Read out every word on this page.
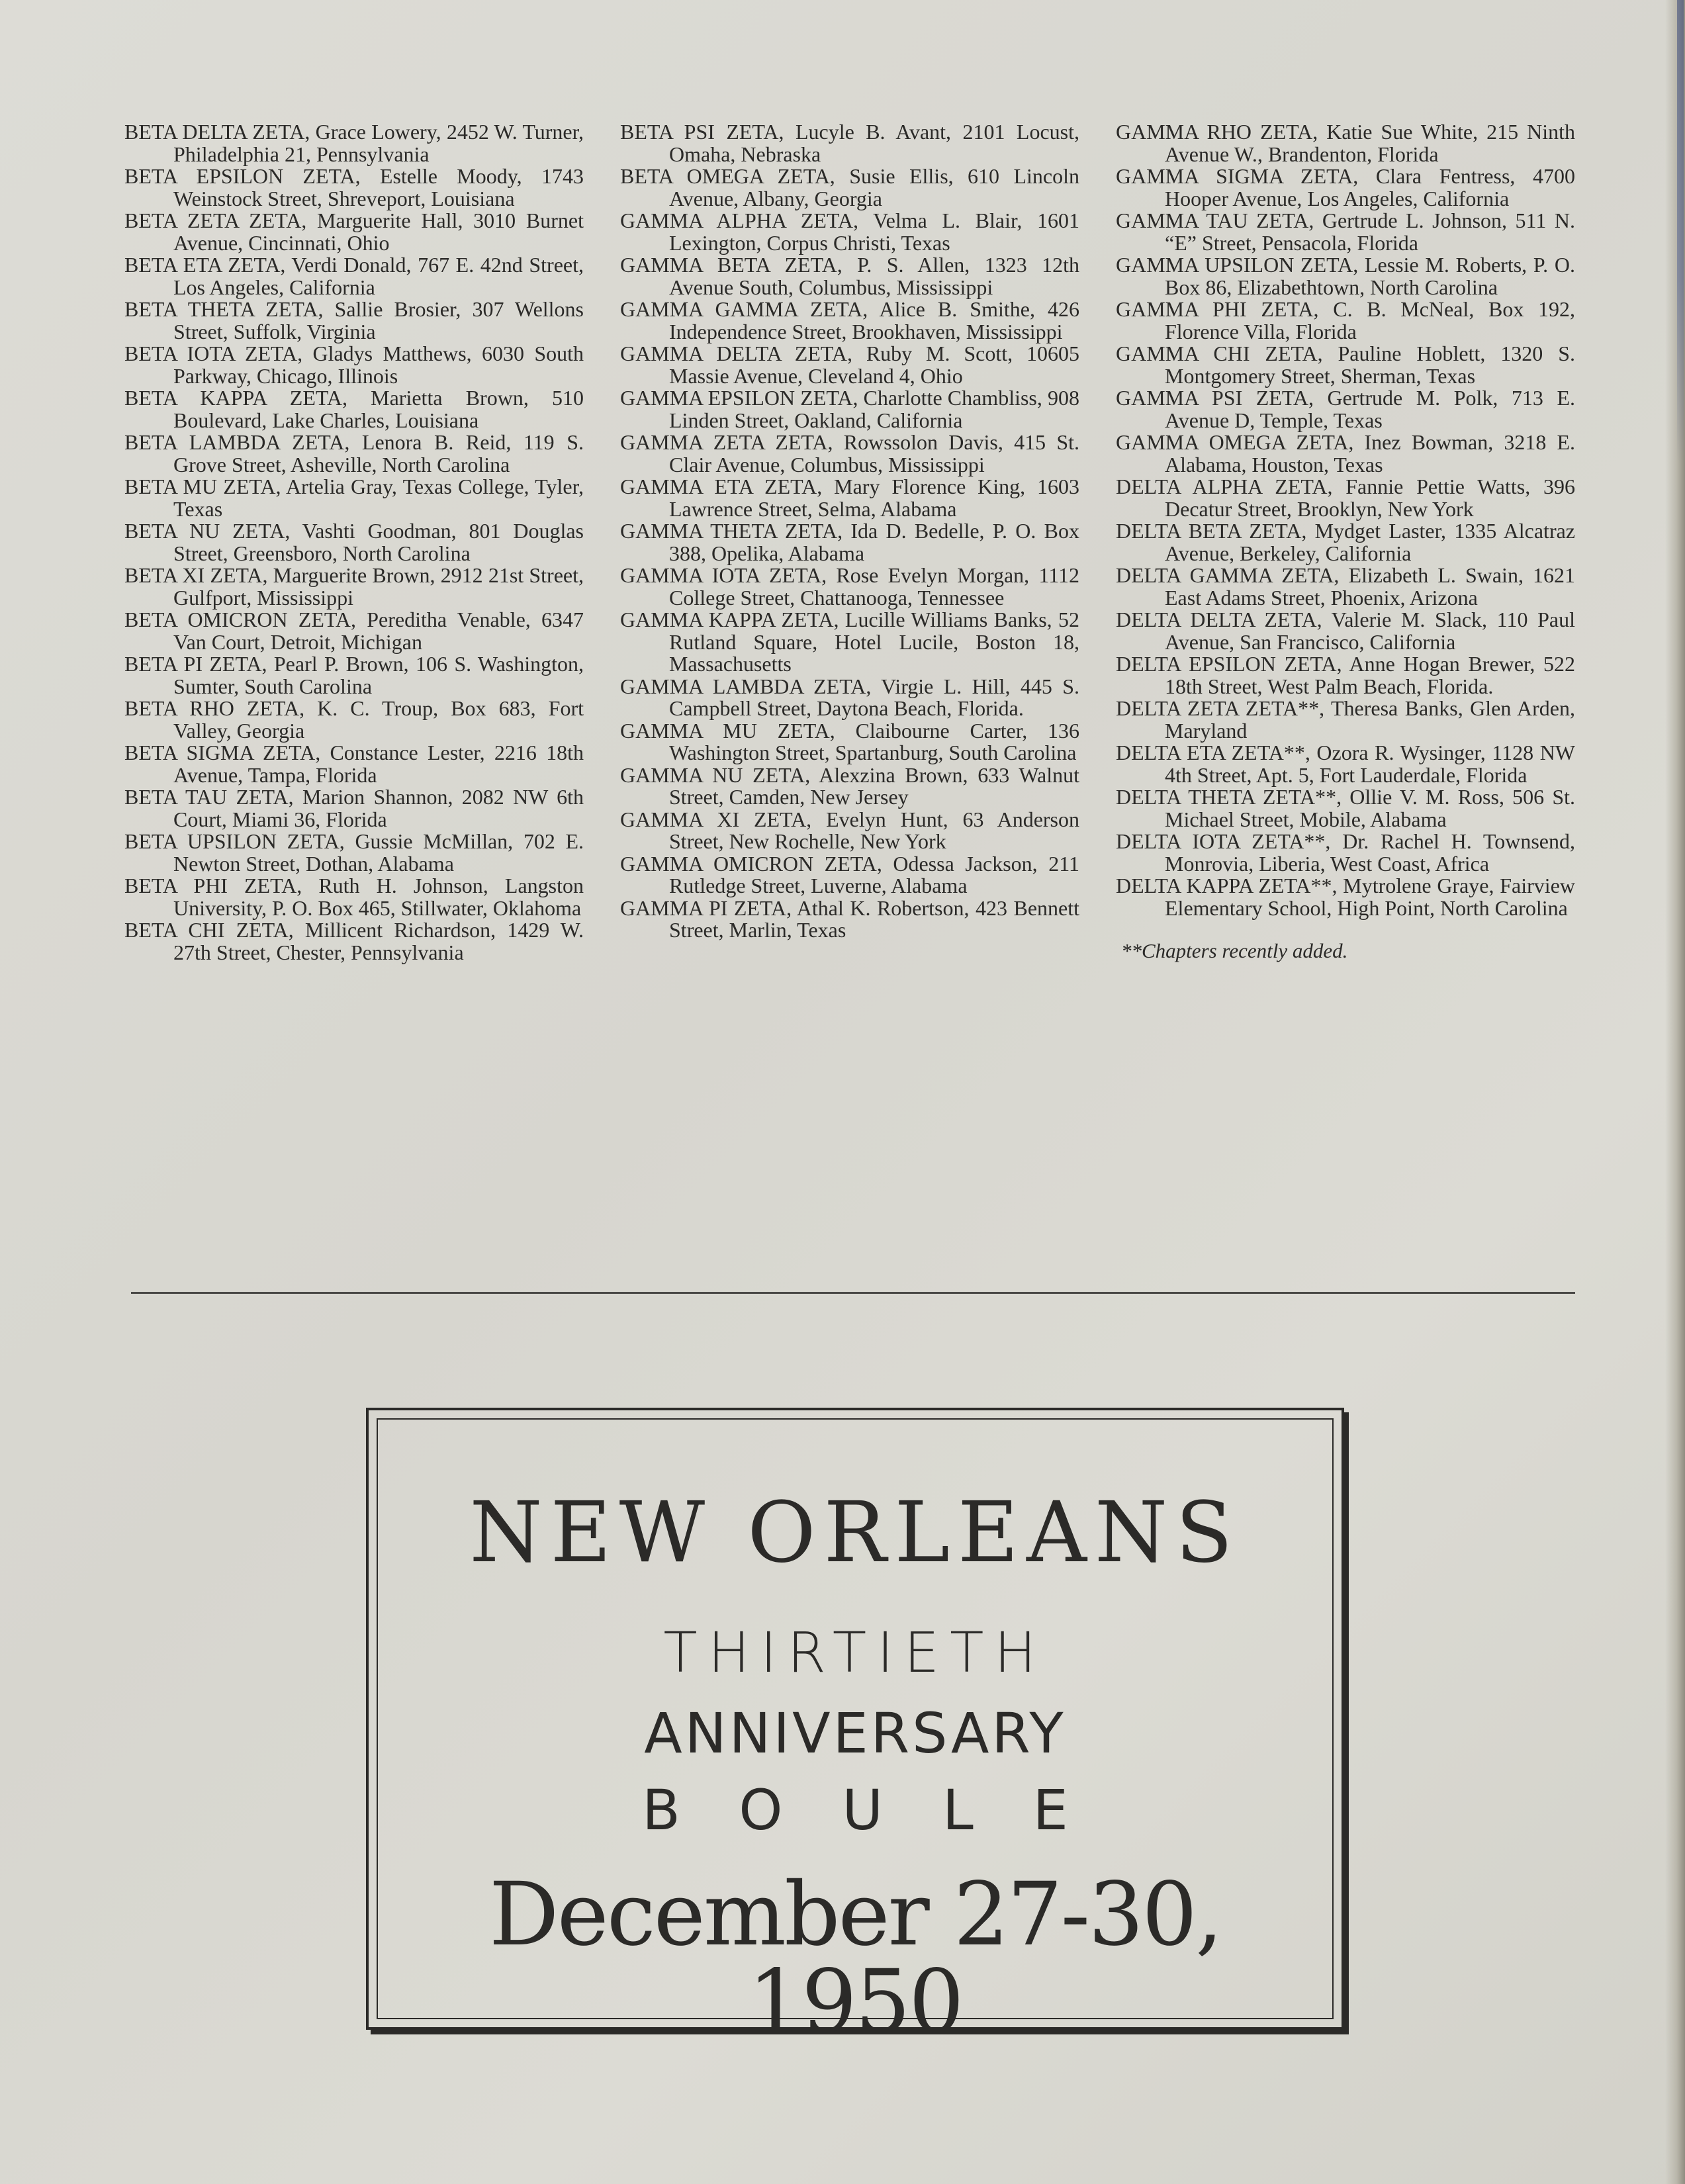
BETA DELTA ZETA, Grace Lowery, 2452 W. Turner, Philadelphia 21, Pennsylvania

BETA EPSILON ZETA, Estelle Moody, 1743 Weinstock Street, Shreveport, Louisiana

BETA ZETA ZETA, Marguerite Hall, 3010 Burnet Avenue, Cincinnati, Ohio

BETA ETA ZETA, Verdi Donald, 767 E. 42nd Street, Los Angeles, California

BETA THETA ZETA, Sallie Brosier, 307 Wellons Street, Suffolk, Virginia

BETA IOTA ZETA, Gladys Matthews, 6030 South Parkway, Chicago, Illinois

BETA KAPPA ZETA, Marietta Brown, 510 Boulevard, Lake Charles, Louisiana

BETA LAMBDA ZETA, Lenora B. Reid, 119 S. Grove Street, Asheville, North Carolina

BETA MU ZETA, Artelia Gray, Texas College, Tyler, Texas

BETA NU ZETA, Vashti Goodman, 801 Douglas Street, Greensboro, North Carolina

BETA XI ZETA, Marguerite Brown, 2912 21st Street, Gulfport, Mississippi

BETA OMICRON ZETA, Pereditha Venable, 6347 Van Court, Detroit, Michigan

BETA PI ZETA, Pearl P. Brown, 106 S. Washington, Sumter, South Carolina

BETA RHO ZETA, K. C. Troup, Box 683, Fort Valley, Georgia

BETA SIGMA ZETA, Constance Lester, 2216 18th Avenue, Tampa, Florida

BETA TAU ZETA, Marion Shannon, 2082 NW 6th Court, Miami 36, Florida

BETA UPSILON ZETA, Gussie McMillan, 702 E. Newton Street, Dothan, Alabama

BETA PHI ZETA, Ruth H. Johnson, Langston University, P. O. Box 465, Stillwater, Oklahoma

BETA CHI ZETA, Millicent Richardson, 1429 W. 27th Street, Chester, Pennsylvania

BETA PSI ZETA, Lucyle B. Avant, 2101 Locust, Omaha, Nebraska

BETA OMEGA ZETA, Susie Ellis, 610 Lincoln Avenue, Albany, Georgia

GAMMA ALPHA ZETA, Velma L. Blair, 1601 Lexington, Corpus Christi, Texas

GAMMA BETA ZETA, P. S. Allen, 1323 12th Avenue South, Columbus, Mississippi

GAMMA GAMMA ZETA, Alice B. Smithe, 426 Independence Street, Brookhaven, Mississippi

GAMMA DELTA ZETA, Ruby M. Scott, 10605 Massie Avenue, Cleveland 4, Ohio

GAMMA EPSILON ZETA, Charlotte Chambliss, 908 Linden Street, Oakland, California

GAMMA ZETA ZETA, Rowssolon Davis, 415 St. Clair Avenue, Columbus, Mississippi

GAMMA ETA ZETA, Mary Florence King, 1603 Lawrence Street, Selma, Alabama

GAMMA THETA ZETA, Ida D. Bedelle, P. O. Box 388, Opelika, Alabama

GAMMA IOTA ZETA, Rose Evelyn Morgan, 1112 College Street, Chattanooga, Tennessee

GAMMA KAPPA ZETA, Lucille Williams Banks, 52 Rutland Square, Hotel Lucile, Boston 18, Massachusetts

GAMMA LAMBDA ZETA, Virgie L. Hill, 445 S. Campbell Street, Daytona Beach, Florida.

GAMMA MU ZETA, Claibourne Carter, 136 Washington Street, Spartanburg, South Carolina

GAMMA NU ZETA, Alexzina Brown, 633 Walnut Street, Camden, New Jersey

GAMMA XI ZETA, Evelyn Hunt, 63 Anderson Street, New Rochelle, New York

GAMMA OMICRON ZETA, Odessa Jackson, 211 Rutledge Street, Luverne, Alabama

GAMMA PI ZETA, Athal K. Robertson, 423 Bennett Street, Marlin, Texas

GAMMA RHO ZETA, Katie Sue White, 215 Ninth Avenue W., Brandenton, Florida

GAMMA SIGMA ZETA, Clara Fentress, 4700 Hooper Avenue, Los Angeles, California

GAMMA TAU ZETA, Gertrude L. Johnson, 511 N. “E” Street, Pensacola, Florida

GAMMA UPSILON ZETA, Lessie M. Roberts, P. O. Box 86, Elizabethtown, North Carolina

GAMMA PHI ZETA, C. B. McNeal, Box 192, Florence Villa, Florida

GAMMA CHI ZETA, Pauline Hoblett, 1320 S. Montgomery Street, Sherman, Texas

GAMMA PSI ZETA, Gertrude M. Polk, 713 E. Avenue D, Temple, Texas

GAMMA OMEGA ZETA, Inez Bowman, 3218 E. Alabama, Houston, Texas

DELTA ALPHA ZETA, Fannie Pettie Watts, 396 Decatur Street, Brooklyn, New York

DELTA BETA ZETA, Mydget Laster, 1335 Alcatraz Avenue, Berkeley, California

DELTA GAMMA ZETA, Elizabeth L. Swain, 1621 East Adams Street, Phoenix, Arizona

DELTA DELTA ZETA, Valerie M. Slack, 110 Paul Avenue, San Francisco, California

DELTA EPSILON ZETA, Anne Hogan Brewer, 522 18th Street, West Palm Beach, Florida.

DELTA ZETA ZETA**, Theresa Banks, Glen Arden, Maryland

DELTA ETA ZETA**, Ozora R. Wysinger, 1128 NW 4th Street, Apt. 5, Fort Lauderdale, Florida

DELTA THETA ZETA**, Ollie V. M. Ross, 506 St. Michael Street, Mobile, Alabama

DELTA IOTA ZETA**, Dr. Rachel H. Townsend, Monrovia, Liberia, West Coast, Africa

DELTA KAPPA ZETA**, Mytrolene Graye, Fairview Elementary School, High Point, North Carolina

**Chapters recently added.

NEW ORLEANS
THIRTIETH
ANNIVERSARY
BOULE
December 27-30, 1950
